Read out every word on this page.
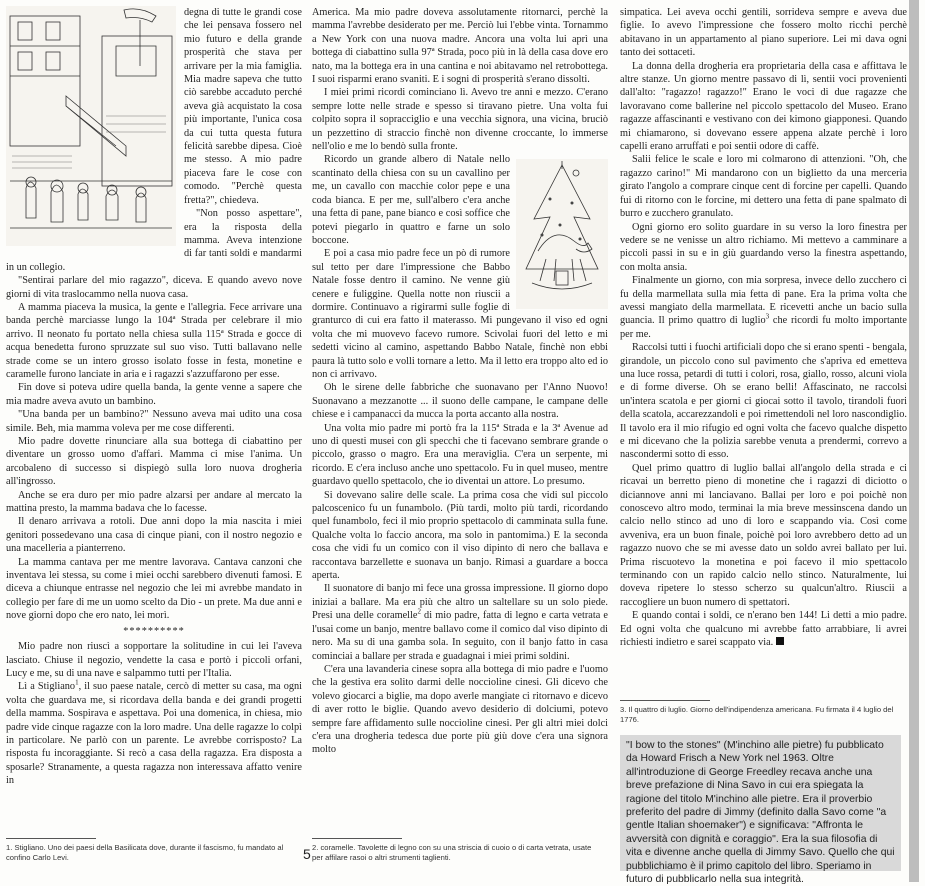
degna di tutte le grandi cose che lei pensava fossero nel mio futuro e della grande prosperità che stava per arrivare per la mia famiglia. Mia madre sapeva che tutto ciò sarebbe accaduto perché aveva già acquistato la cosa più importante, l'unica cosa da cui tutta questa futura felicità sarebbe dipesa. Cioè me stesso. A mio padre piaceva fare le cose con comodo. "Perchè questa fretta?", chiedeva.

"Non posso aspettare", era la risposta della mamma. Aveva intenzione di far tanti soldi e mandarmi in un collegio.

"Sentirai parlare del mio ragazzo", diceva. E quando avevo nove giorni di vita traslocammo nella nuova casa.

A mamma piaceva la musica, la gente e l'allegria. Fece arrivare una banda perchè marciasse lungo la 104ª Strada per celebrare il mio arrivo. Il neonato fu portato nella chiesa sulla 115ª Strada e gocce di acqua benedetta furono spruzzate sul suo viso. Tutti ballavano nelle strade come se un intero grosso isolato fosse in festa, monetine e caramelle furono lanciate in aria e i ragazzi s'azzuffarono per esse.

Fin dove si poteva udire quella banda, la gente venne a sapere che mia madre aveva avuto un bambino.

"Una banda per un bambino?" Nessuno aveva mai udito una cosa simile. Beh, mia mamma voleva per me cose differenti.

Mio padre dovette rinunciare alla sua bottega di ciabattino per diventare un grosso uomo d'affari. Mamma ci mise l'anima. Un arcobaleno di successo si dispiegò sulla loro nuova drogheria all'ingrosso.

Anche se era duro per mio padre alzarsi per andare al mercato la mattina presto, la mamma badava che lo facesse.

Il denaro arrivava a rotoli. Due anni dopo la mia nascita i miei genitori possedevano una casa di cinque piani, con il nostro negozio e una macelleria a pianterreno.

La mamma cantava per me mentre lavorava. Cantava canzoni che inventava lei stessa, su come i miei occhi sarebbero divenuti famosi. E diceva a chiunque entrasse nel negozio che lei mi avrebbe mandato in collegio per fare di me un uomo scelto da Dio - un prete. Ma due anni e nove giorni dopo che ero nato, lei morì.

**********

Mio padre non riuscì a sopportare la solitudine in cui lei l'aveva lasciato. Chiuse il negozio, vendette la casa e portò i piccoli orfani, Lucy e me, su di una nave e salpammo tutti per l'Italia.

Lì a Stigliano$^1$, il suo paese natale, cercò di metter su casa, ma ogni volta che guardava me, si ricordava della banda e dei grandi progetti della mamma. Sospirava e aspettava. Poi una domenica, in chiesa, mio padre vide cinque ragazze con la loro madre. Una delle ragazze lo colpì in particolare. Ne parlò con un parente. Le avrebbe corrisposto? La risposta fu incoraggiante. Si recò a casa della ragazza. Era disposta a sposarle? Stranamente, a questa ragazza non interessava affatto venire in

America. Ma mio padre doveva assolutamente ritornarci, perchè la mamma l'avrebbe desiderato per me. Perciò lui l'ebbe vinta. Tornammo a New York con una nuova madre. Ancora una volta lui aprì una bottega di ciabattino sulla 97ª Strada, poco più in là della casa dove ero nato, ma la bottega era in una cantina e noi abitavamo nel retrobottega. I suoi risparmi erano svaniti. E i sogni di prosperità s'erano dissolti.

I miei primi ricordi cominciano lì. Avevo tre anni e mezzo. C'erano sempre lotte nelle strade e spesso si tiravano pietre. Una volta fui colpito sopra il sopracciglio e una vecchia signora, una vicina, bruciò un pezzettino di straccio finchè non divenne croccante, lo immerse nell'olio e me lo bendò sulla fronte.

Ricordo un grande albero di Natale nello scantinato della chiesa con su un cavallino per me, un cavallo con macchie color pepe e una coda bianca. E per me, sull'albero c'era anche una fetta di pane, pane bianco e così soffice che potevi piegarlo in quattro e farne un solo boccone.

E poi a casa mio padre fece un pò di rumore sul tetto per dare l'impressione che Babbo Natale fosse dentro il camino. Ne venne giù cenere e fuliggine. Quella notte non riuscii a dormire. Continuavo a rigirarmi sulle foglie di granturco di cui era fatto il materasso. Mi pungevano il viso ed ogni volta che mi muovevo facevo rumore. Scivolai fuori del letto e mi sedetti vicino al camino, aspettando Babbo Natale, finchè non ebbi paura là tutto solo e volli tornare a letto. Ma il letto era troppo alto ed io non ci arrivavo.

Oh le sirene delle fabbriche che suonavano per l'Anno Nuovo! Suonavano a mezzanotte ... il suono delle campane, le campane delle chiese e i campanacci da mucca la porta accanto alla nostra.

Una volta mio padre mi portò fra la 115ª Strada e la 3ª Avenue ad uno di questi musei con gli specchi che ti facevano sembrare grande o piccolo, grasso o magro. Era una meraviglia. C'era un serpente, mi ricordo. E c'era incluso anche uno spettacolo. Fu in quel museo, mentre guardavo quello spettacolo, che io diventai un attore. Lo presumo.

Si dovevano salire delle scale. La prima cosa che vidi sul piccolo palcoscenico fu un funambolo. (Più tardi, molto più tardi, ricordando quel funambolo, feci il mio proprio spettacolo di camminata sulla fune. Qualche volta lo faccio ancora, ma solo in pantomima.) E la seconda cosa che vidi fu un comico con il viso dipinto di nero che ballava e raccontava barzellette e suonava un banjo. Rimasi a guardare a bocca aperta.

Il suonatore di banjo mi fece una grossa impressione. Il giorno dopo iniziai a ballare. Ma era più che altro un saltellare su un solo piede. Presi una delle coramelle$^2$ di mio padre, fatta di legno e carta vetrata e l'usai come un banjo, mentre ballavo come il comico dal viso dipinto di nero. Ma su di una gamba sola. In seguito, con il banjo fatto in casa cominciai a ballare per strada e guadagnai i miei primi soldini.

C'era una lavanderia cinese sopra alla bottega di mio padre e l'uomo che la gestiva era solito darmi delle noccioline cinesi. Gli dicevo che volevo giocarci a biglie, ma dopo averle mangiate ci ritornavo e dicevo di aver rotto le biglie. Quando avevo desiderio di dolciumi, potevo sempre fare affidamento sulle noccioline cinesi. Per gli altri miei dolci c'era una drogheria tedesca due porte più giù dove c'era una signora molto

simpatica. Lei aveva occhi gentili, sorrideva sempre e aveva due figlie. Io avevo l'impressione che fossero molto ricchi perchè abitavano in un appartamento al piano superiore. Lei mi dava ogni tanto dei sottaceti.

La donna della drogheria era proprietaria della casa e affittava le altre stanze. Un giorno mentre passavo di lì, sentii voci provenienti dall'alto: "ragazzo! ragazzo!" Erano le voci di due ragazze che lavoravano come ballerine nel piccolo spettacolo del Museo. Erano ragazze affascinanti e vestivano con dei kimono giapponesi. Quando mi chiamarono, si dovevano essere appena alzate perchè i loro capelli erano arruffati e poi sentii odore di caffè.

Salii felice le scale e loro mi colmarono di attenzioni. "Oh, che ragazzo carino!" Mi mandarono con un biglietto da una merceria girato l'angolo a comprare cinque cent di forcine per capelli. Quando fui di ritorno con le forcine, mi dettero una fetta di pane spalmato di burro e zucchero granulato.

Ogni giorno ero solito guardare in su verso la loro finestra per vedere se ne venisse un altro richiamo. Mi mettevo a camminare a piccoli passi in su e in giù guardando verso la finestra aspettando, con molta ansia.

Finalmente un giorno, con mia sorpresa, invece dello zucchero ci fu della marmellata sulla mia fetta di pane. Era la prima volta che avessi mangiato della marmellata. E ricevetti anche un bacio sulla guancia. Il primo quattro di luglio$^3$ che ricordi fu molto importante per me.

Raccolsi tutti i fuochi artificiali dopo che si erano spenti - bengala, girandole, un piccolo cono sul pavimento che s'apriva ed emetteva una luce rossa, petardi di tutti i colori, rosa, giallo, rosso, alcuni viola e di forme diverse. Oh se erano belli! Affascinato, ne raccolsi un'intera scatola e per giorni ci giocai sotto il tavolo, tirandoli fuori della scatola, accarezzandoli e poi rimettendoli nel loro nascondiglio. Il tavolo era il mio rifugio ed ogni volta che facevo qualche dispetto e mi dicevano che la polizia sarebbe venuta a prendermi, correvo a nascondermi sotto di esso.

Quel primo quattro di luglio ballai all'angolo della strada e ci ricavai un berretto pieno di monetine che i ragazzi di diciotto o diciannove anni mi lanciavano. Ballai per loro e poi poichè non conoscevo altro modo, terminai la mia breve messinscena dando un calcio nello stinco ad uno di loro e scappando via. Così come avveniva, era un buon finale, poichè poi loro avrebbero detto ad un ragazzo nuovo che se mi avesse dato un soldo avrei ballato per lui. Prima riscuotevo la monetina e poi facevo il mio spettacolo terminando con un rapido calcio nello stinco. Naturalmente, lui doveva ripetere lo stesso scherzo su qualcun'altro. Riuscii a raccogliere un buon numero di spettatori.

E quando contai i soldi, ce n'erano ben 144! Li detti a mio padre. Ed ogni volta che qualcuno mi avrebbe fatto arrabbiare, li avrei richiesti indietro e sarei scappato via.

1. Stigliano. Uno dei paesi della Basilicata dove, durante il fascismo, fu mandato al confino Carlo Levi.
2. coramelle. Tavolette di legno con su una striscia di cuoio o di carta vetrata, usate per affilare rasoi o altri strumenti taglienti.
3. Il quattro di luglio. Giorno dell'indipendenza americana. Fu firmata il 4 luglio del 1776.
5
"I bow to the stones" (M'inchino alle pietre) fu pubblicato da Howard Frisch a New York nel 1963. Oltre all'introduzione di George Freedley recava anche una breve prefazione di Nina Savo in cui era spiegata la ragione del titolo M'inchino alle pietre. Era il proverbio preferito del padre di Jimmy (definito dalla Savo come "a gentle Italian shoemaker") e significava: "Affronta le avversità con dignità e coraggio". Era la sua filosofia di vita e divenne anche quella di Jimmy Savo. Quello che qui pubblichiamo è il primo capitolo del libro. Speriamo in futuro di pubblicarlo nella sua integrità.
